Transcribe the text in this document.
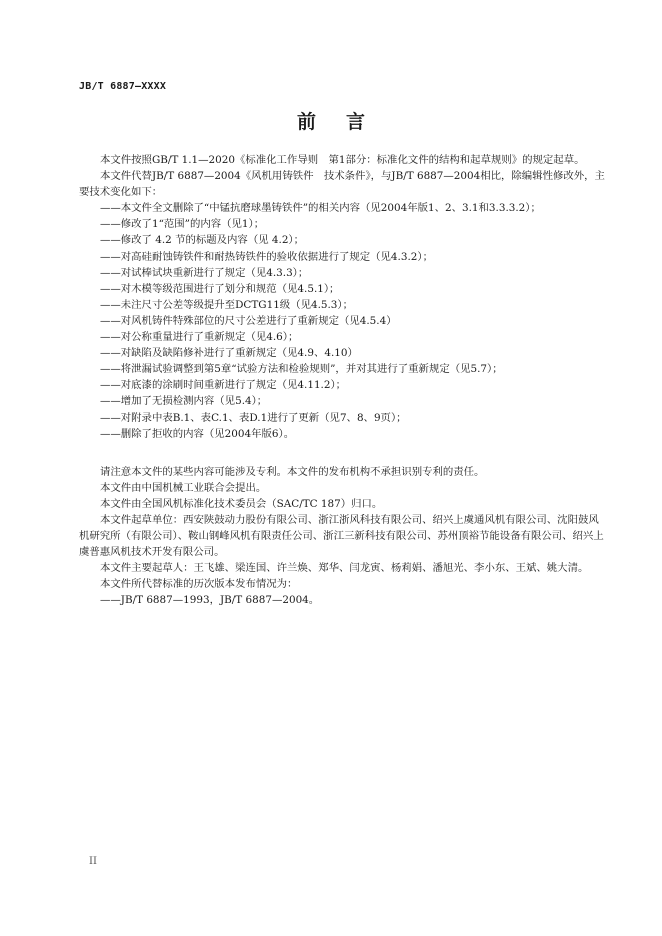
JB/T 6887—XXXX
前 言

本文件按照GB/T 1.1—2020《标准化工作导则　第1部分：标准化文件的结构和起草规则》的规定起草。

本文件代替JB/T 6887—2004《风机用铸铁件　技术条件》，与JB/T 6887—2004相比，除编辑性修改外，主要技术变化如下：

——本文件全文删除了“中锰抗磨球墨铸铁件”的相关内容（见2004年版1、2、3.1和3.3.3.2）；

——修改了1“范围”的内容（见1）；

——修改了 4.2 节的标题及内容（见 4.2）；

——对高硅耐蚀铸铁件和耐热铸铁件的验收依据进行了规定（见4.3.2）；

——对试棒试块重新进行了规定（见4.3.3）；

——对木模等级范围进行了划分和规范（见4.5.1）；

——未注尺寸公差等级提升至DCTG11级（见4.5.3）；

——对风机铸件特殊部位的尺寸公差进行了重新规定（见4.5.4）

——对公称重量进行了重新规定（见4.6）；

——对缺陷及缺陷修补进行了重新规定（见4.9、4.10）

——将泄漏试验调整到第5章“试验方法和检验规则”，并对其进行了重新规定（见5.7）；

——对底漆的涂刷时间重新进行了规定（见4.11.2）；

——增加了无损检测内容（见5.4）；

——对附录中表B.1、表C.1、表D.1进行了更新（见7、8、9页）；

——删除了拒收的内容（见2004年版6）。

请注意本文件的某些内容可能涉及专利。本文件的发布机构不承担识别专利的责任。

本文件由中国机械工业联合会提出。

本文件由全国风机标准化技术委员会（SAC/TC 187）归口。

本文件起草单位：西安陕鼓动力股份有限公司、浙江浙风科技有限公司、绍兴上虞通风机有限公司、沈阳鼓风机研究所（有限公司）、鞍山钢峰风机有限责任公司、浙江三新科技有限公司、苏州顶裕节能设备有限公司、绍兴上虞普惠风机技术开发有限公司。

本文件主要起草人：王飞雄、梁连国、许兰焕、郑华、闫龙寅、杨莉娟、潘旭光、李小东、王斌、姚大清。

本文件所代替标准的历次版本发布情况为：

——JB/T 6887—1993，JB/T 6887—2004。

II
